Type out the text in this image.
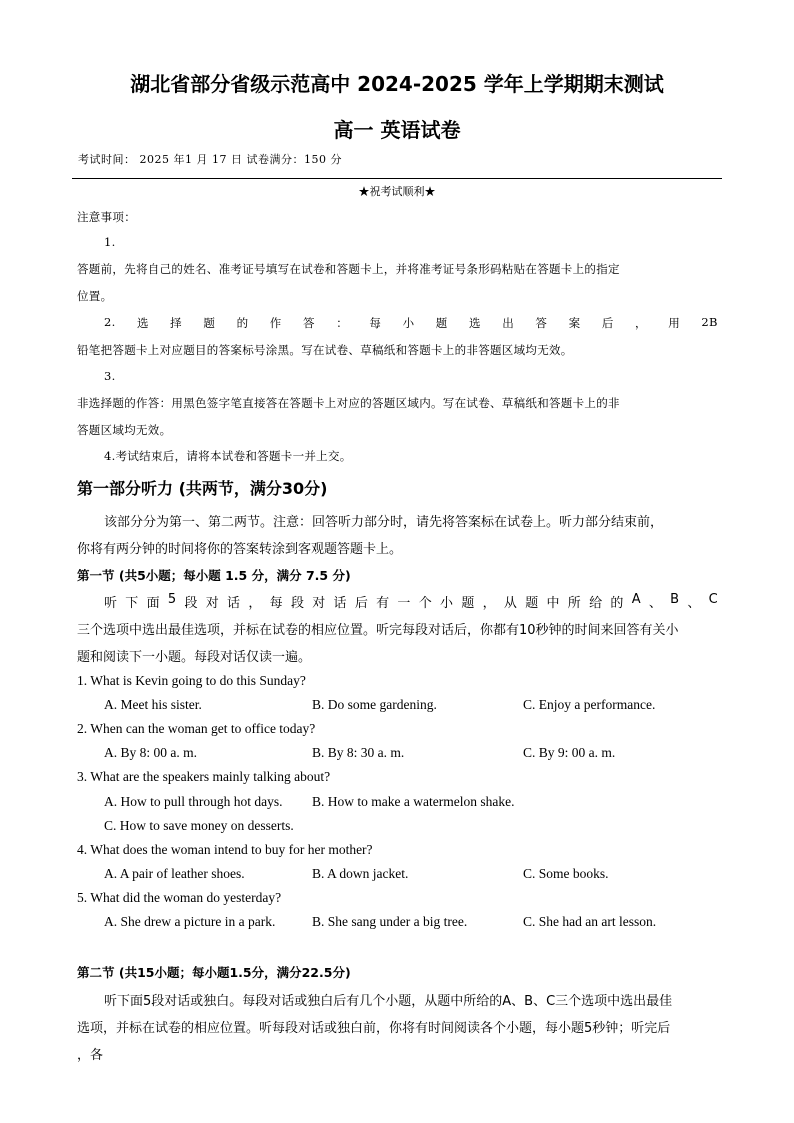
湖北省部分省级示范高中 2024-2025 学年上学期期末测试
高一 英语试卷
考试时间： 2025 年1 月 17 日 试卷满分：150 分
★祝考试顺利★
注意事项：
1.
答题前，先将自己的姓名、准考证号填写在试卷和答题卡上，并将准考证号条形码粘贴在答题卡上的指定
位置。
2. 选 择 题 的 作 答 ： 每 小 题 选 出 答 案 后 ， 用 2B
铅笔把答题卡上对应题目的答案标号涂黑。写在试卷、草稿纸和答题卡上的非答题区域均无效。
3.
非选择题的作答：用黑色签字笔直接答在答题卡上对应的答题区域内。写在试卷、草稿纸和答题卡上的非
答题区域均无效。
4.考试结束后，请将本试卷和答题卡一并上交。
第一部分听力 (共两节，满分30分)
该部分分为第一、第二两节。注意：回答听力部分时，请先将答案标在试卷上。听力部分结束前，
你将有两分钟的时间将你的答案转涂到客观题答题卡上。
第一节 (共5小题；每小题 1.5 分，满分 7.5 分)
听 下 面 5 段 对 话 ， 每 段 对 话 后 有 一 个 小 题 ， 从 题 中 所 给 的 A 、 B 、 C
三个选项中选出最佳选项，并标在试卷的相应位置。听完每段对话后，你都有10秒钟的时间来回答有关小
题和阅读下一小题。每段对话仅读一遍。
1. What is Kevin going to do this Sunday?
A. Meet his sister.	B. Do some gardening.	C. Enjoy a performance.
2. When can the woman get to office today?
A. By 8: 00 a. m.	B. By 8: 30 a. m.	C. By 9: 00 a. m.
3. What are the speakers mainly talking about?
A. How to pull through hot days. B. How to make a watermelon shake.
C. How to save money on desserts.
4. What does the woman intend to buy for her mother?
A. A pair of leather shoes.	B. A down jacket.	C. Some books.
5. What did the woman do yesterday?
A. She drew a picture in a park.	B. She sang under a big tree.	C. She had an art lesson.
第二节 (共15小题；每小题1.5分，满分22.5分)
听下面5段对话或独白。每段对话或独白后有几个小题，从题中所给的A、B、C三个选项中选出最佳
选项，并标在试卷的相应位置。听每段对话或独白前，你将有时间阅读各个小题，每小题5秒钟；听完后
，各
